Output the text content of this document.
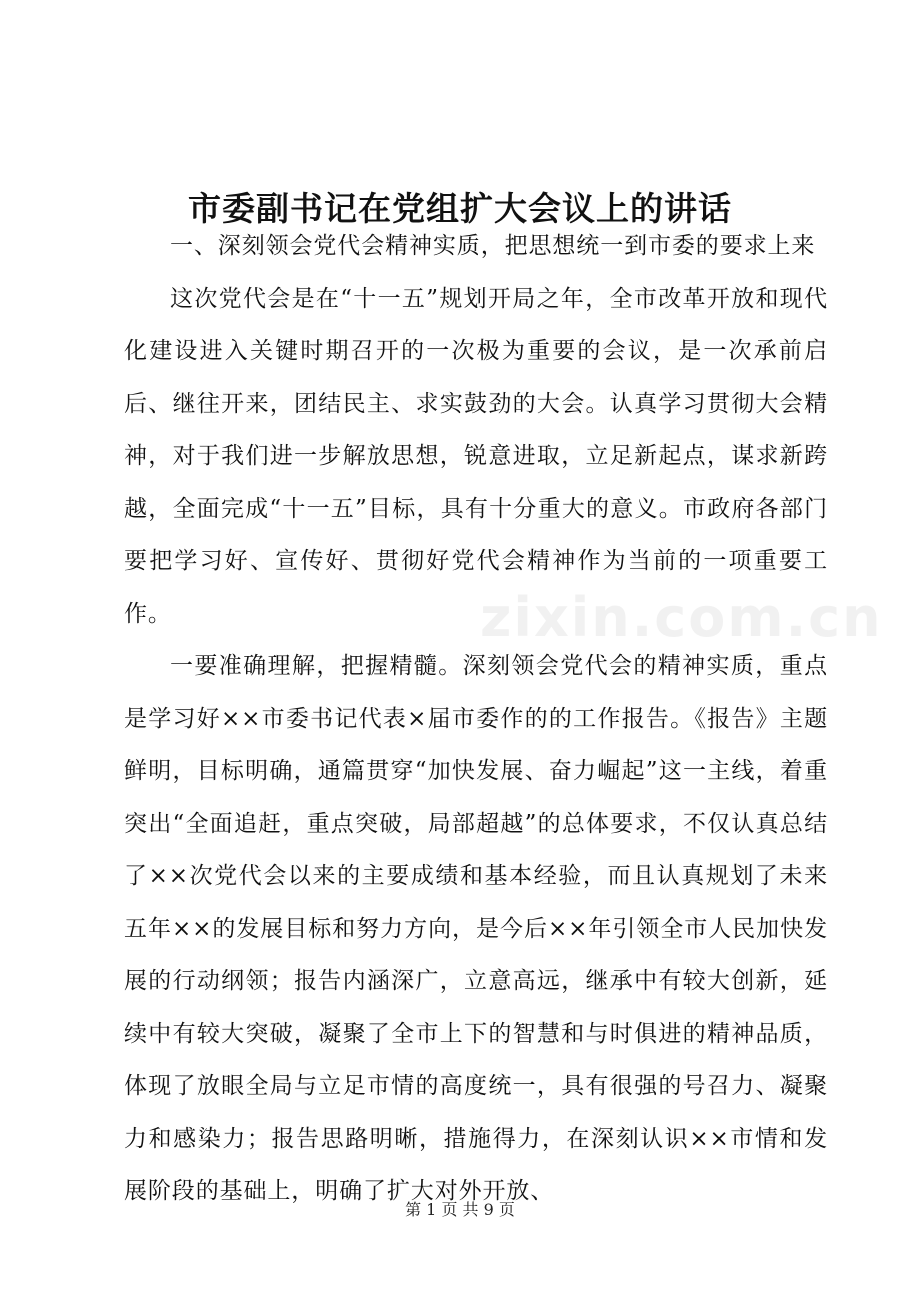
zixin.com.cn
市委副书记在党组扩大会议上的讲话

一、深刻领会党代会精神实质，把思想统一到市委的要求上来

这次党代会是在“十一五”规划开局之年，全市改革开放和现代化建设进入关键时期召开的一次极为重要的会议，是一次承前启后、继往开来，团结民主、求实鼓劲的大会。认真学习贯彻大会精神，对于我们进一步解放思想，锐意进取，立足新起点，谋求新跨越，全面完成“十一五”目标，具有十分重大的意义。市政府各部门要把学习好、宣传好、贯彻好党代会精神作为当前的一项重要工作。

一要准确理解，把握精髓。深刻领会党代会的精神实质，重点是学习好××市委书记代表×届市委作的的工作报告。《报告》主题鲜明，目标明确，通篇贯穿“加快发展、奋力崛起”这一主线，着重突出“全面追赶，重点突破，局部超越”的总体要求，不仅认真总结了××次党代会以来的主要成绩和基本经验，而且认真规划了未来五年××的发展目标和努力方向，是今后××年引领全市人民加快发展的行动纲领；报告内涵深广，立意高远，继承中有较大创新，延续中有较大突破，凝聚了全市上下的智慧和与时俱进的精神品质，体现了放眼全局与立足市情的高度统一，具有很强的号召力、凝聚力和感染力；报告思路明晰，措施得力，在深刻认识××市情和发展阶段的基础上，明确了扩大对外开放、

第 1 页 共 9 页
